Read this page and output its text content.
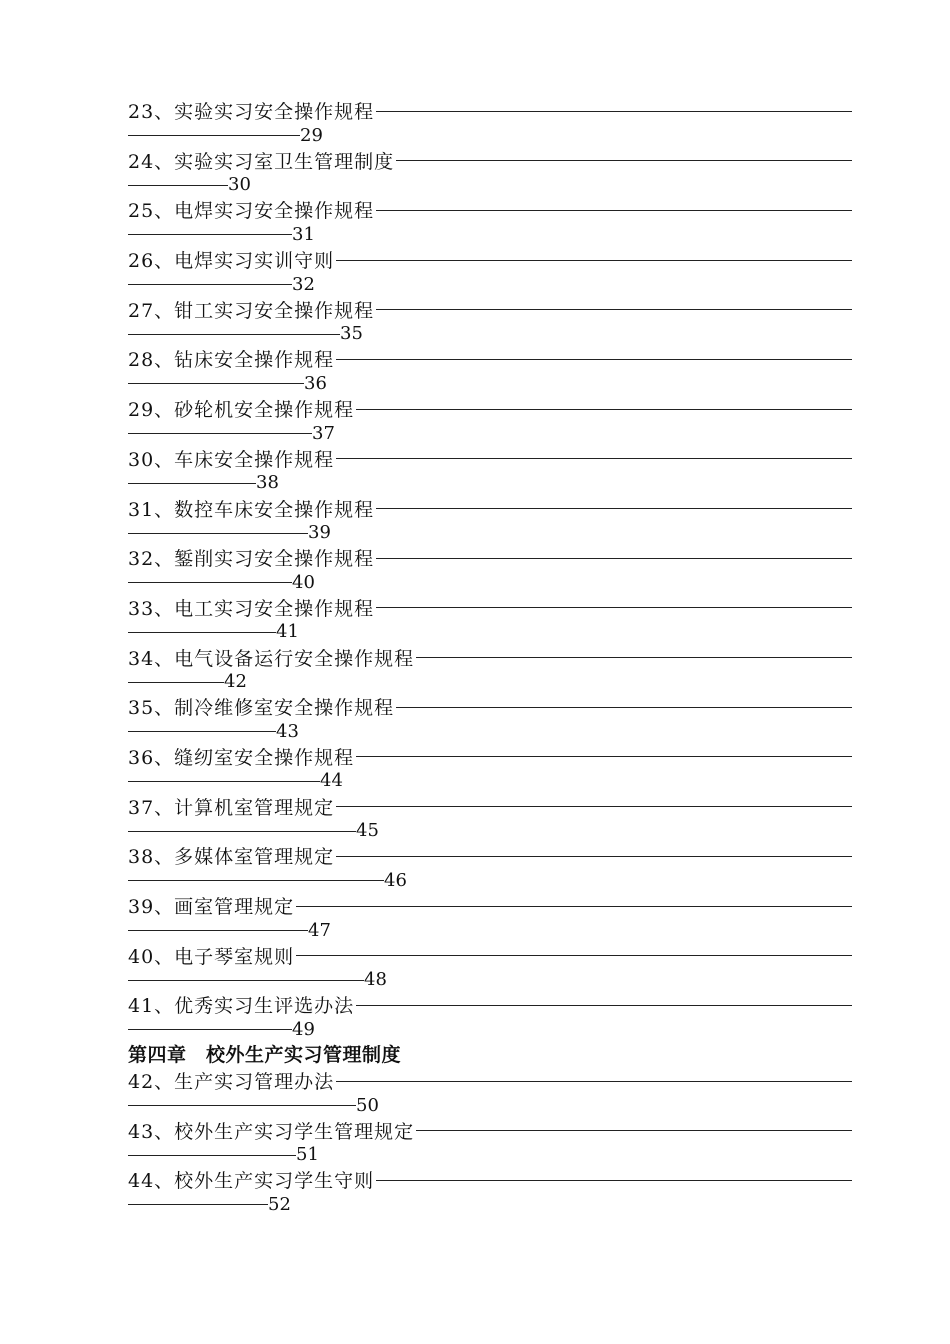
23、实验实习安全操作规程
29
24、实验实习室卫生管理制度
30
25、电焊实习安全操作规程
31
26、电焊实习实训守则
32
27、钳工实习安全操作规程
35
28、钻床安全操作规程
36
29、砂轮机安全操作规程
37
30、车床安全操作规程
38
31、数控车床安全操作规程
39
32、錾削实习安全操作规程
40
33、电工实习安全操作规程
41
34、电气设备运行安全操作规程
42
35、制冷维修室安全操作规程
43
36、缝纫室安全操作规程
44
37、计算机室管理规定
45
38、多媒体室管理规定
46
39、画室管理规定
47
40、电子琴室规则
48
41、优秀实习生评选办法
49
第四章　校外生产实习管理制度
42、生产实习管理办法
50
43、校外生产实习学生管理规定
51
44、校外生产实习学生守则
52
